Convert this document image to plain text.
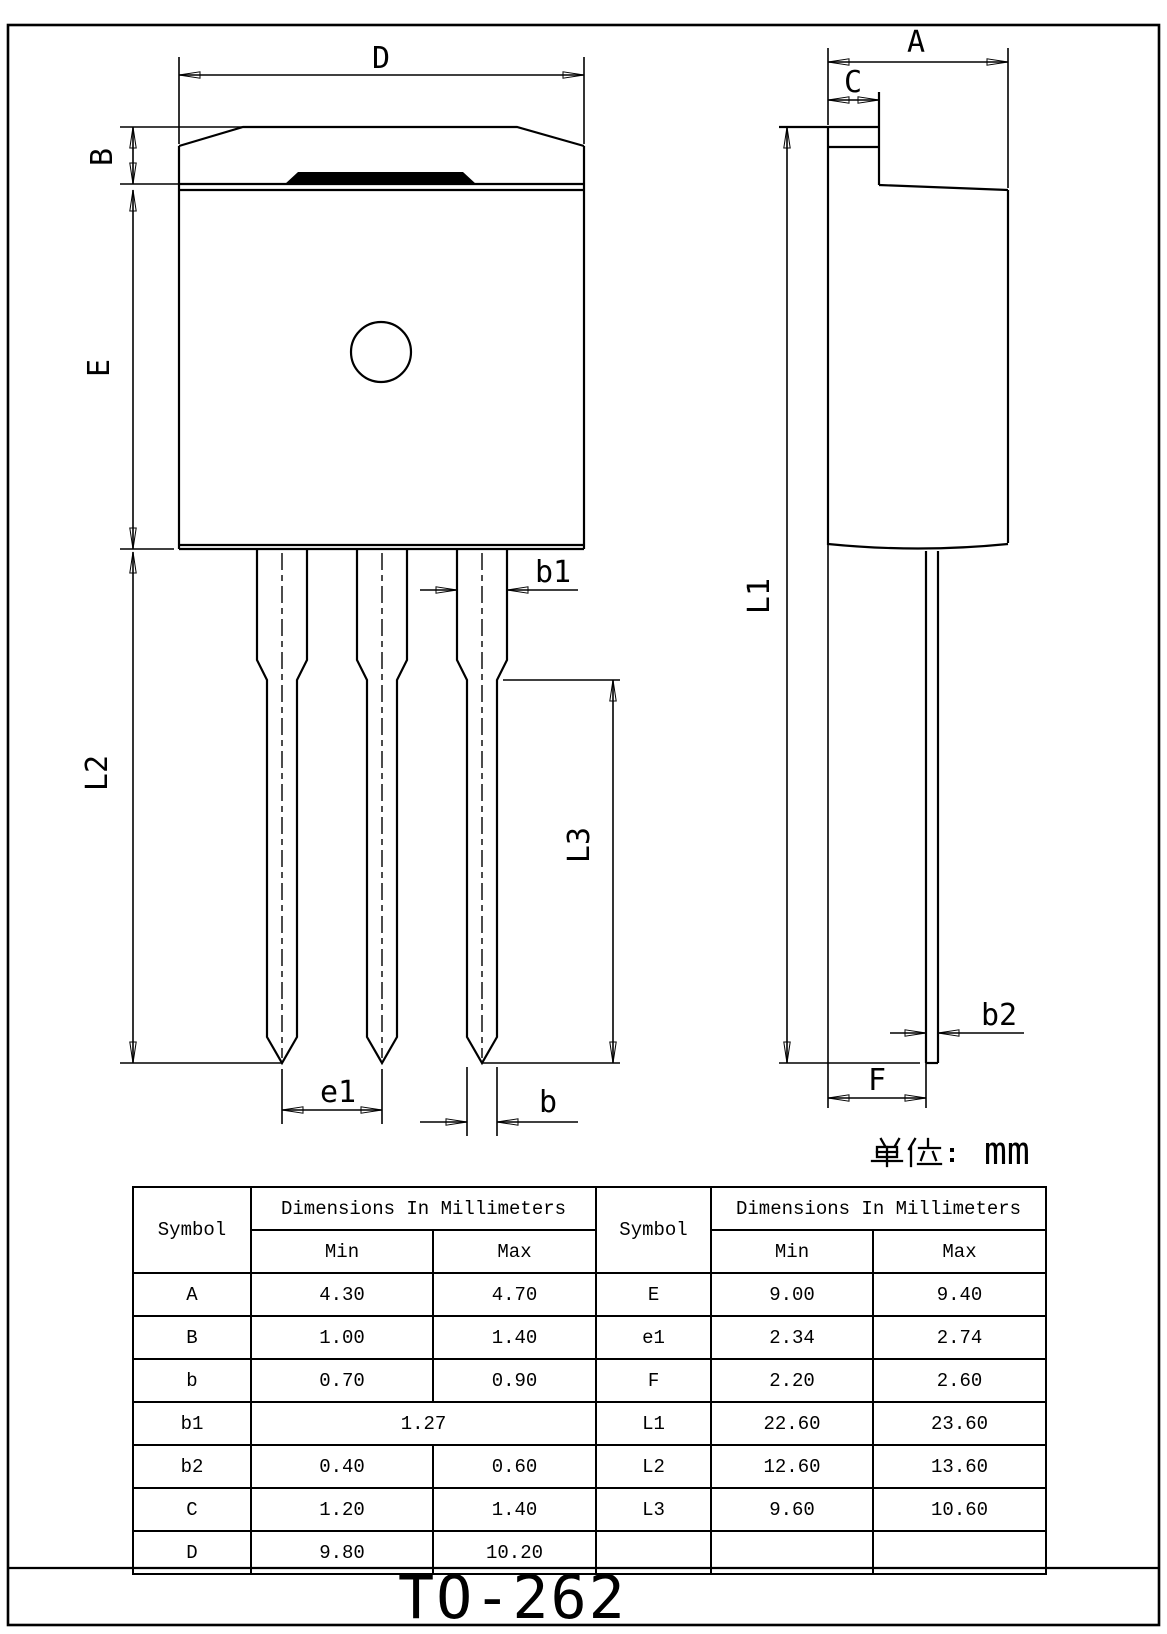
D
B
E
L2
b1
L3
e1	b
A
C
L1
b2
F
mm
TO-262
Symbol	Dimensions In Millimeters		Symbol	Dimensions In Millimeters	
	Min	Max		Min	Max
A	4.30	4.70	E	9.00	9.40
B	1.00	1.40	e1	2.34	2.74
b	0.70	0.90	F	2.20	2.60
b1	1.27		L1	22.60	23.60
b2	0.40	0.60	L2	12.60	13.60
C	1.20	1.40	L3	9.60	10.60
D	9.80	10.20			
